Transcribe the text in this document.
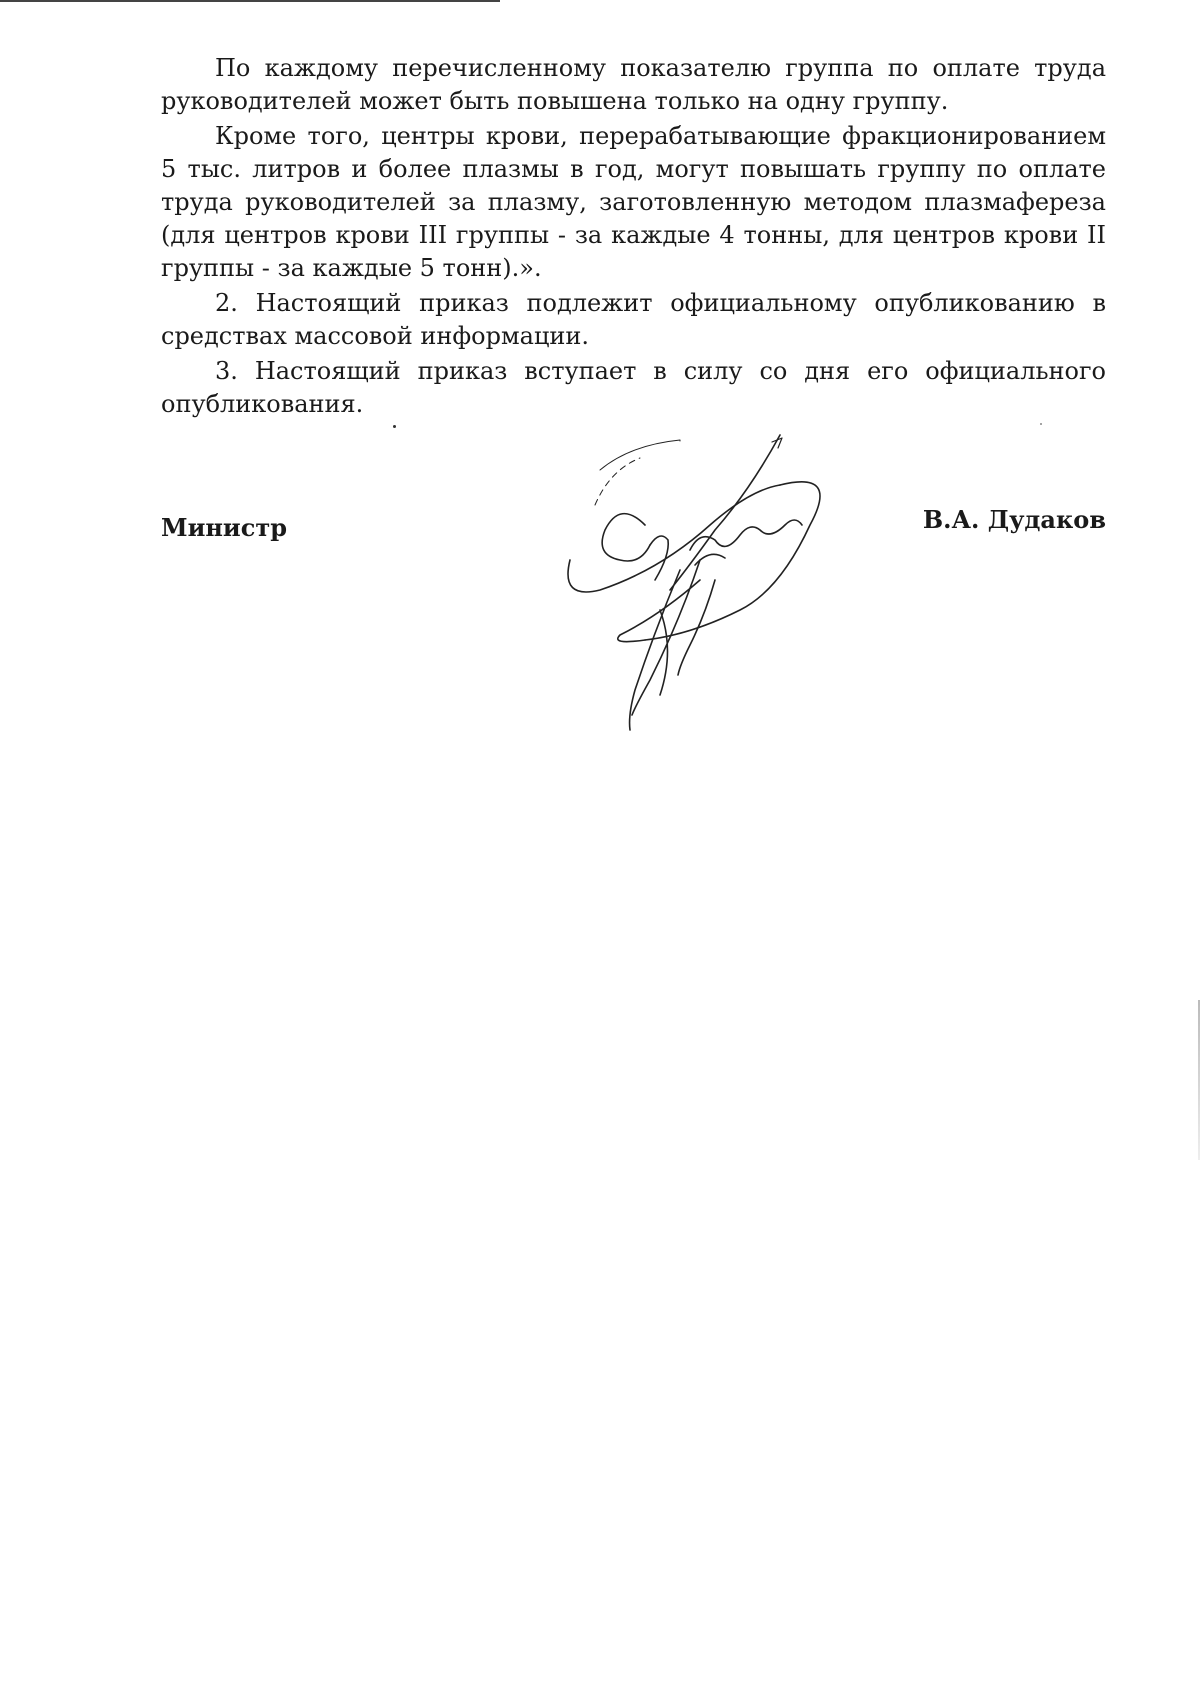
По каждому перечисленному показателю группа по оплате труда руководителей может быть повышена только на одну группу.

Кроме того, центры крови, перерабатывающие фракционированием 5 тыс. литров и более плазмы в год, могут повышать группу по оплате труда руководителей за плазму, заготовленную методом плазмафереза (для центров крови III группы - за каждые 4 тонны, для центров крови II группы - за каждые 5 тонн).».

2. Настоящий приказ подлежит официальному опубликованию в средствах массовой информации.

3. Настоящий приказ вступает в силу со дня его официального опубликования.

Министр	В.А. Дудаков
